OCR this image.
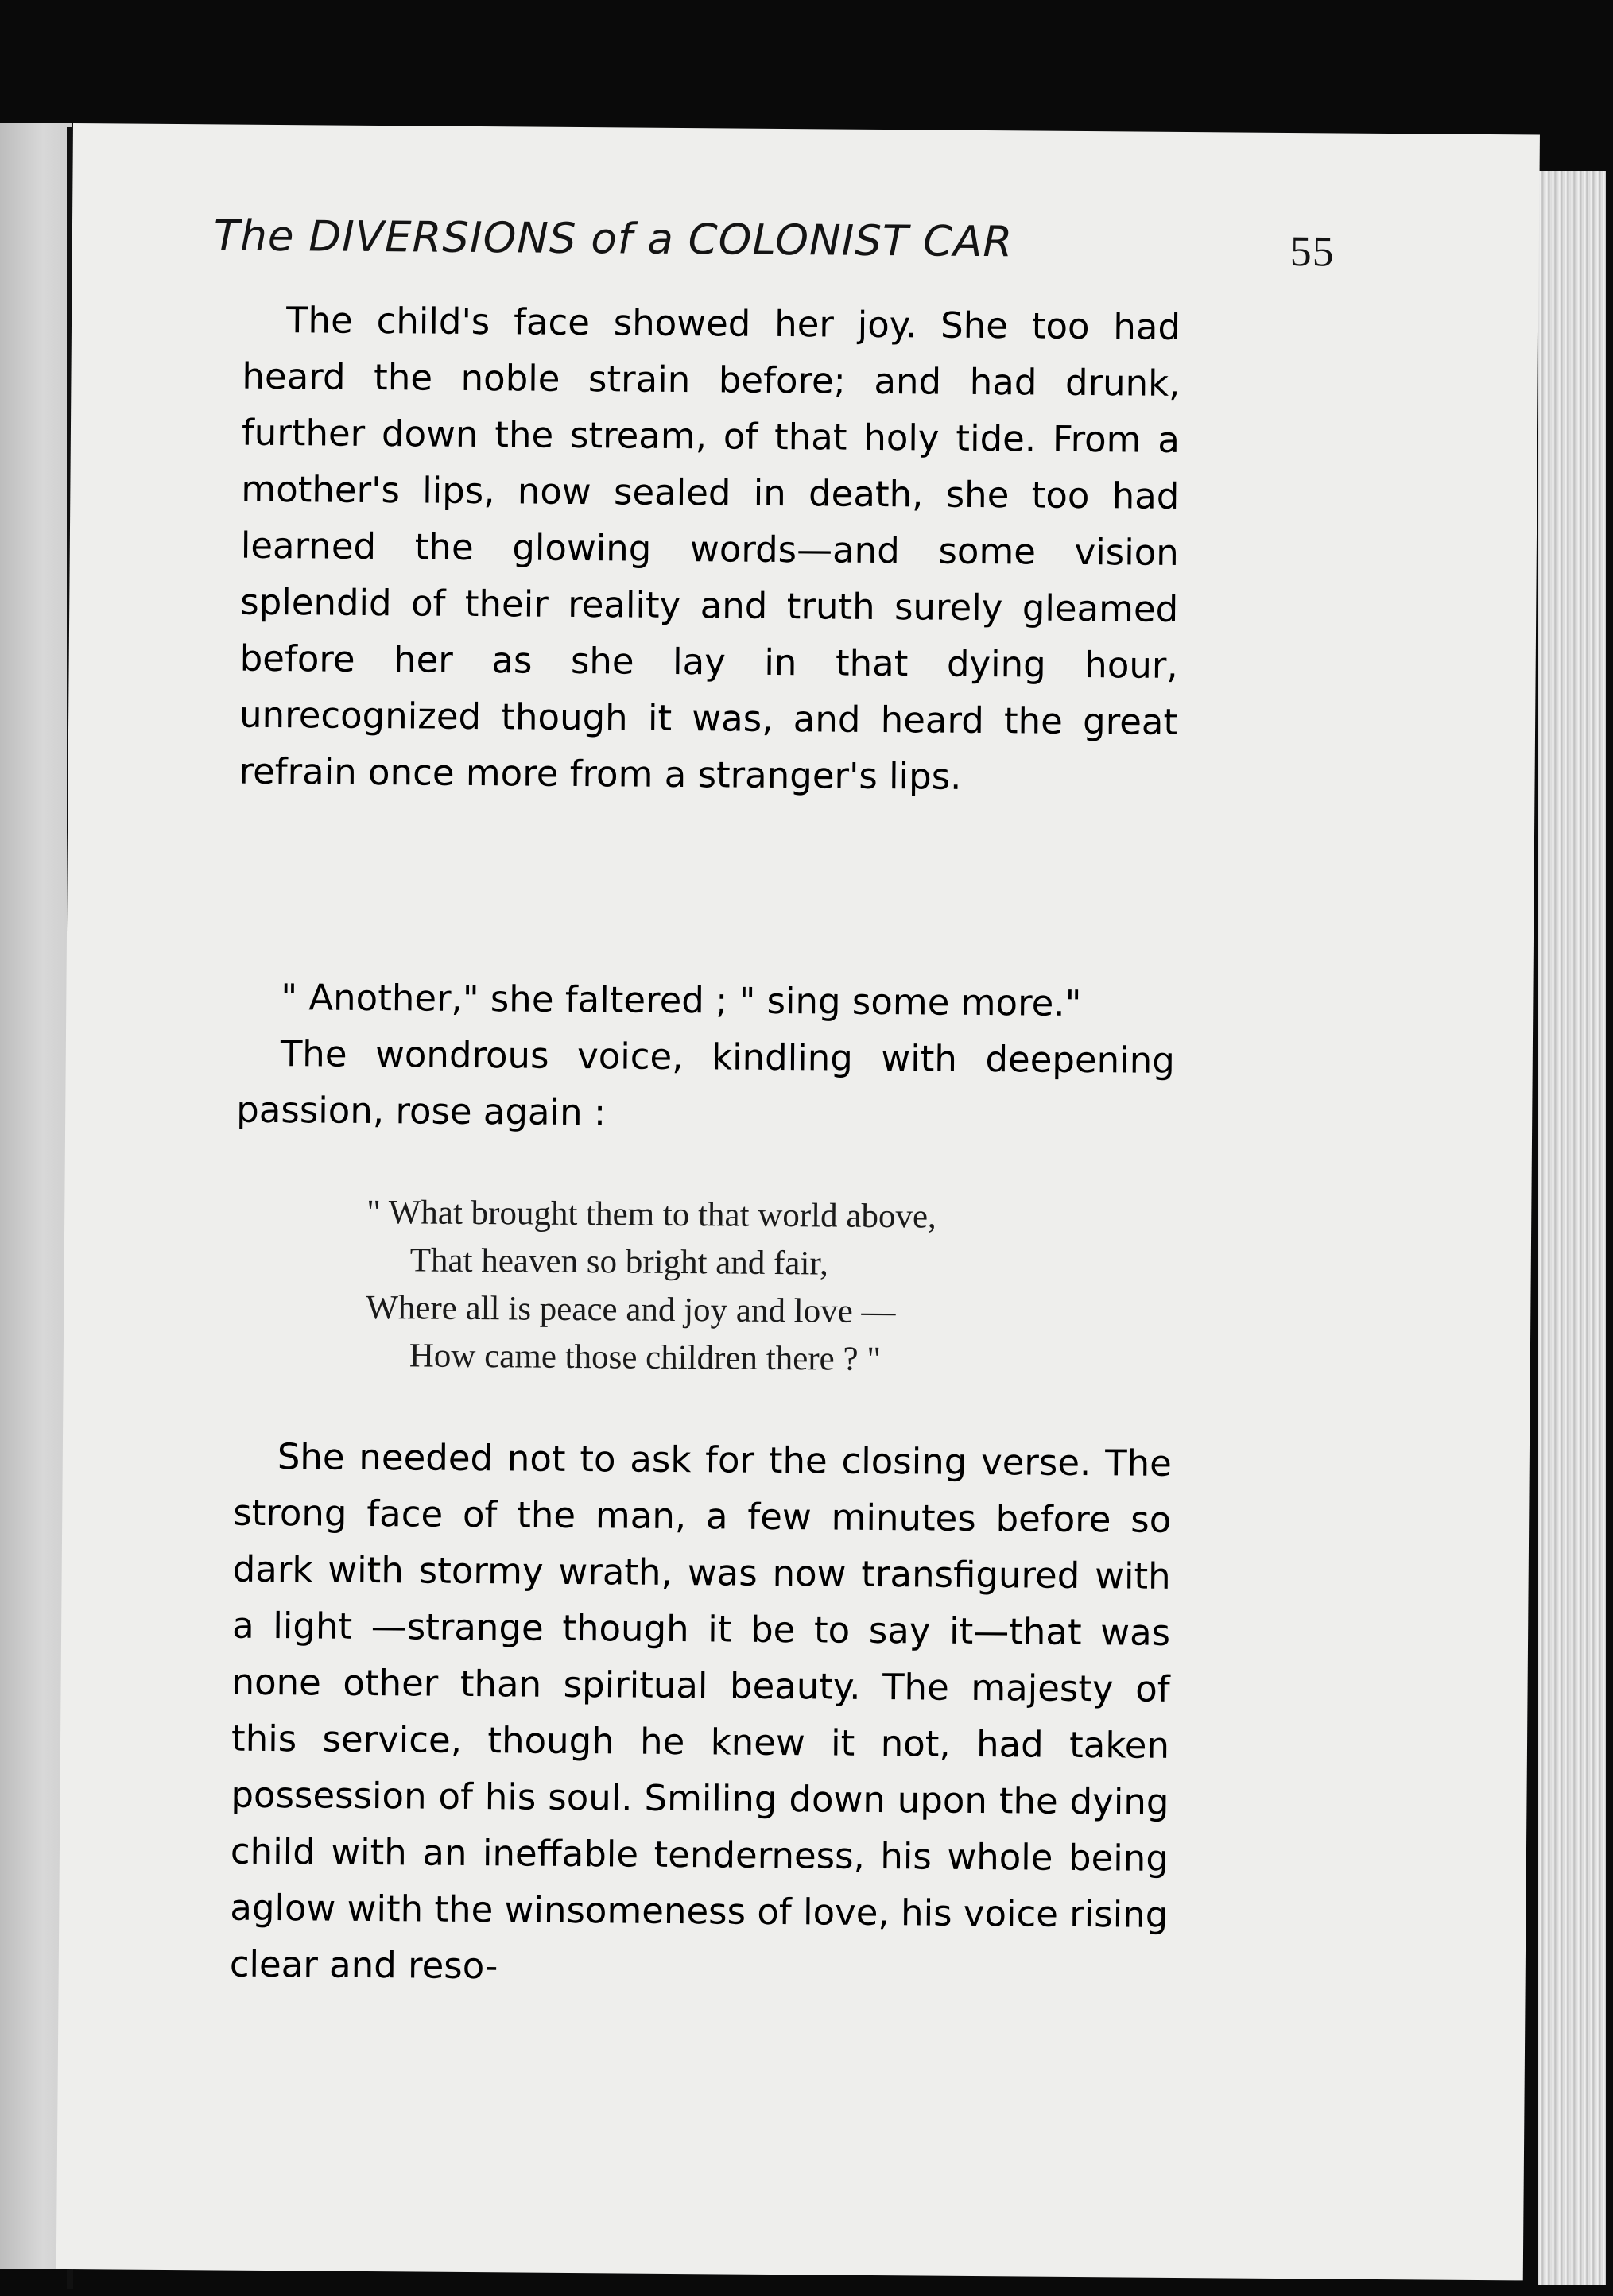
The DIVERSIONS of a COLONIST CAR	55

The child's face showed her joy. She too had heard the noble strain before; and had drunk, further down the stream, of that holy tide. From a mother's lips, now sealed in death, she too had learned the glowing words—and some vision splendid of their reality and truth surely gleamed before her as she lay in that dying hour, unrecognized though it was, and heard the great refrain once more from a stranger's lips.

" Another," she faltered ; " sing some more."

The wondrous voice, kindling with deepening passion, rose again :

" What brought them to that world above,
That heaven so bright and fair,
Where all is peace and joy and love —
How came those children there ? "

She needed not to ask for the closing verse. The strong face of the man, a few minutes before so dark with stormy wrath, was now transfigured with a light —strange though it be to say it—that was none other than spiritual beauty. The majesty of this service, though he knew it not, had taken possession of his soul. Smiling down upon the dying child with an ineffable tenderness, his whole being aglow with the winsomeness of love, his voice rising clear and reso-
